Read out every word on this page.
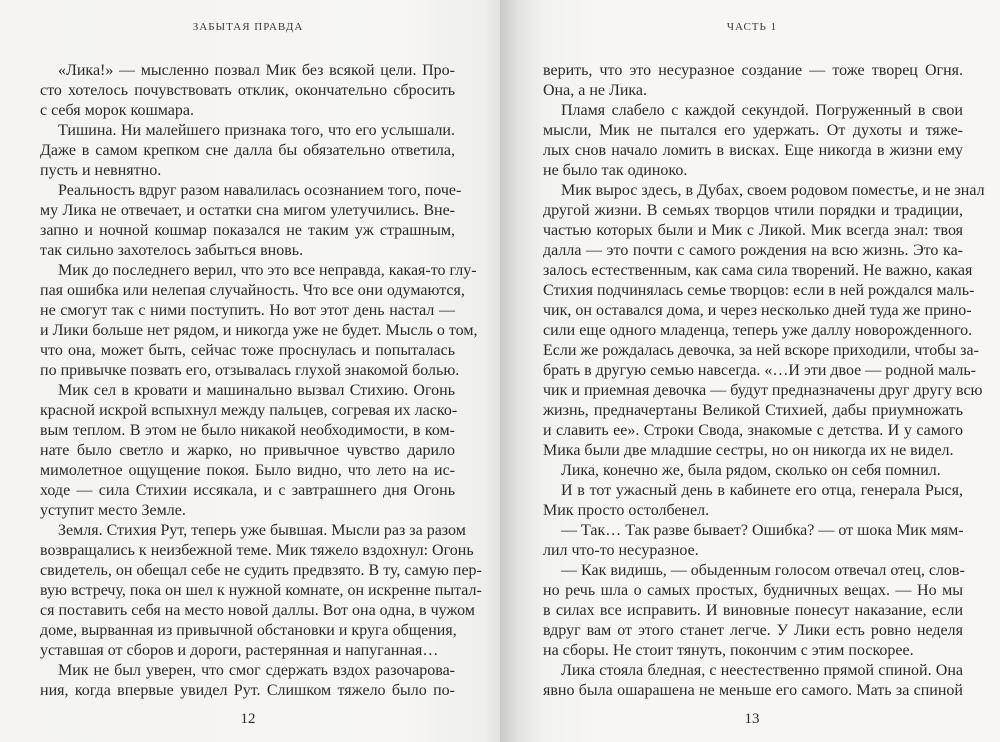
ЗАБЫТАЯ ПРАВДА
«Лика!» — мысленно позвал Мик без всякой цели. Про-
сто хотелось почувствовать отклик, окончательно сбросить
с себя морок кошмара.
Тишина. Ни малейшего признака того, что его услышали.
Даже в самом крепком сне далла бы обязательно ответила,
пусть и невнятно.
Реальность вдруг разом навалилась осознанием того, поче-
му Лика не отвечает, и остатки сна мигом улетучились. Вне-
запно и ночной кошмар показался не таким уж страшным,
так сильно захотелось забыться вновь.
Мик до последнего верил, что это все неправда, какая-то глу-
пая ошибка или нелепая случайность. Что все они одумаются,
не смогут так с ними поступить. Но вот этот день настал —
и Лики больше нет рядом, и никогда уже не будет. Мысль о том,
что она, может быть, сейчас тоже проснулась и попыталась
по привычке позвать его, отзывалась глухой знакомой болью.
Мик сел в кровати и машинально вызвал Стихию. Огонь
красной искрой вспыхнул между пальцев, согревая их ласко-
вым теплом. В этом не было никакой необходимости, в ком-
нате было светло и жарко, но привычное чувство дарило
мимолетное ощущение покоя. Было видно, что лето на ис-
ходе — сила Стихии иссякала, и с завтрашнего дня Огонь
уступит место Земле.
Земля. Стихия Рут, теперь уже бывшая. Мысли раз за разом
возвращались к неизбежной теме. Мик тяжело вздохнул: Огонь
свидетель, он обещал себе не судить предвзято. В ту, самую пер-
вую встречу, пока он шел к нужной комнате, он искренне пытал-
ся поставить себя на место новой даллы. Вот она одна, в чужом
доме, вырванная из привычной обстановки и круга общения,
уставшая от сборов и дороги, растерянная и напуганная…
Мик не был уверен, что смог сдержать вздох разочарова-
ния, когда впервые увидел Рут. Слишком тяжело было по-
12
ЧАСТЬ 1
верить, что это несуразное создание — тоже творец Огня.
Она, а не Лика.
Пламя слабело с каждой секундой. Погруженный в свои
мысли, Мик не пытался его удержать. От духоты и тяже-
лых снов начало ломить в висках. Еще никогда в жизни ему
не было так одиноко.
Мик вырос здесь, в Дубах, своем родовом поместье, и не знал
другой жизни. В семьях творцов чтили порядки и традиции,
частью которых были и Мик с Ликой. Мик всегда знал: твоя
далла — это почти с самого рождения на всю жизнь. Это ка-
залось естественным, как сама сила творений. Не важно, какая
Стихия подчинялась семье творцов: если в ней рождался маль-
чик, он оставался дома, и через несколько дней туда же прино-
сили еще одного младенца, теперь уже даллу новорожденного.
Если же рождалась девочка, за ней вскоре приходили, чтобы за-
брать в другую семью навсегда. «…И эти двое — родной маль-
чик и приемная девочка — будут предназначены друг другу всю
жизнь, предначертаны Великой Стихией, дабы приумножать
и славить ее». Строки Свода, знакомые с детства. И у самого
Мика были две младшие сестры, но он никогда их не видел.
Лика, конечно же, была рядом, сколько он себя помнил.
И в тот ужасный день в кабинете его отца, генерала Рыся,
Мик просто остолбенел.
— Так… Так разве бывает? Ошибка? — от шока Мик мям-
лил что-то несуразное.
— Как видишь, — обыденным голосом отвечал отец, слов-
но речь шла о самых простых, будничных вещах. — Но мы
в силах все исправить. И виновные понесут наказание, если
вдруг вам от этого станет легче. У Лики есть ровно неделя
на сборы. Не стоит тянуть, покончим с этим поскорее.
Лика стояла бледная, с неестественно прямой спиной. Она
явно была ошарашена не меньше его самого. Мать за спиной
13
